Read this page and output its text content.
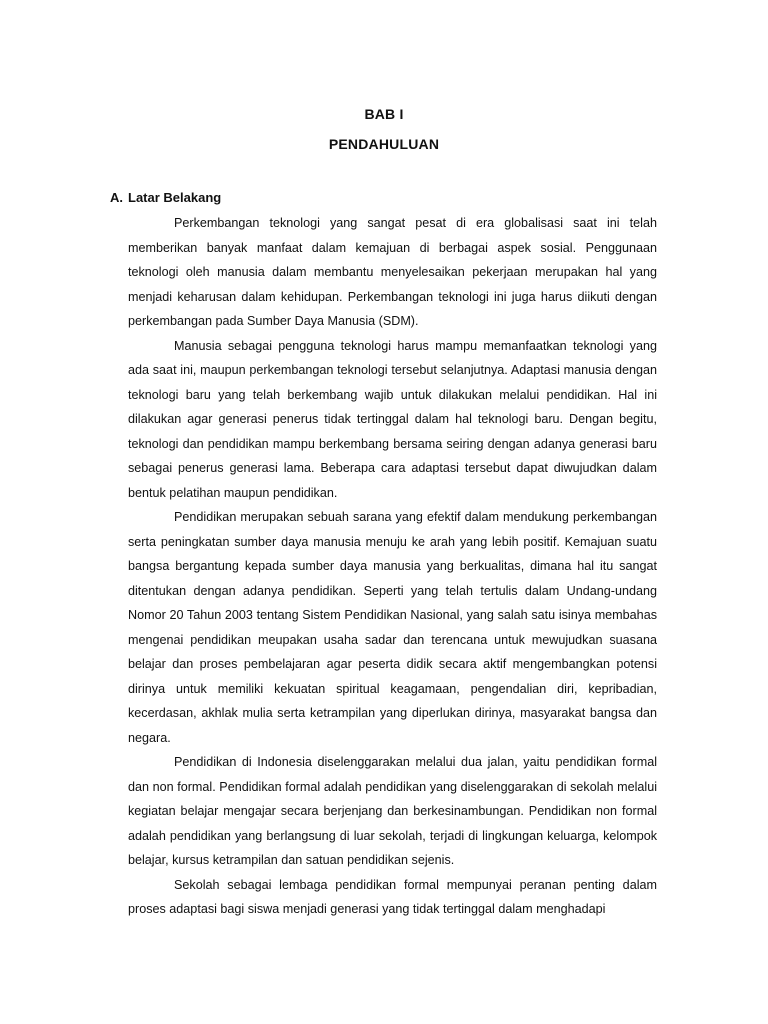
BAB I
PENDAHULUAN
A. Latar Belakang

Perkembangan teknologi yang sangat pesat di era globalisasi saat ini telah memberikan banyak manfaat dalam kemajuan di berbagai aspek sosial. Penggunaan teknologi oleh manusia dalam membantu menyelesaikan pekerjaan merupakan hal yang menjadi keharusan dalam kehidupan. Perkembangan teknologi ini juga harus diikuti dengan perkembangan pada Sumber Daya Manusia (SDM).

Manusia sebagai pengguna teknologi harus mampu memanfaatkan teknologi yang ada saat ini, maupun perkembangan teknologi tersebut selanjutnya. Adaptasi manusia dengan teknologi baru yang telah berkembang wajib untuk dilakukan melalui pendidikan. Hal ini dilakukan agar generasi penerus tidak tertinggal dalam hal teknologi baru. Dengan begitu, teknologi dan pendidikan mampu berkembang bersama seiring dengan adanya generasi baru sebagai penerus generasi lama. Beberapa cara adaptasi tersebut dapat diwujudkan dalam bentuk pelatihan maupun pendidikan.

Pendidikan merupakan sebuah sarana yang efektif dalam mendukung perkembangan serta peningkatan sumber daya manusia menuju ke arah yang lebih positif. Kemajuan suatu bangsa bergantung kepada sumber daya manusia yang berkualitas, dimana hal itu sangat ditentukan dengan adanya pendidikan. Seperti yang telah tertulis dalam Undang-undang Nomor 20 Tahun 2003 tentang Sistem Pendidikan Nasional, yang salah satu isinya membahas mengenai pendidikan meupakan usaha sadar dan terencana untuk mewujudkan suasana belajar dan proses pembelajaran agar peserta didik secara aktif mengembangkan potensi dirinya untuk memiliki kekuatan spiritual keagamaan, pengendalian diri, kepribadian, kecerdasan, akhlak mulia serta ketrampilan yang diperlukan dirinya, masyarakat bangsa dan negara.

Pendidikan di Indonesia diselenggarakan melalui dua jalan, yaitu pendidikan formal dan non formal. Pendidikan formal adalah pendidikan yang diselenggarakan di sekolah melalui kegiatan belajar mengajar secara berjenjang dan berkesinambungan. Pendidikan non formal adalah pendidikan yang berlangsung di luar sekolah, terjadi di lingkungan keluarga, kelompok belajar, kursus ketrampilan dan satuan pendidikan sejenis.

Sekolah sebagai lembaga pendidikan formal mempunyai peranan penting dalam proses adaptasi bagi siswa menjadi generasi yang tidak tertinggal dalam menghadapi
